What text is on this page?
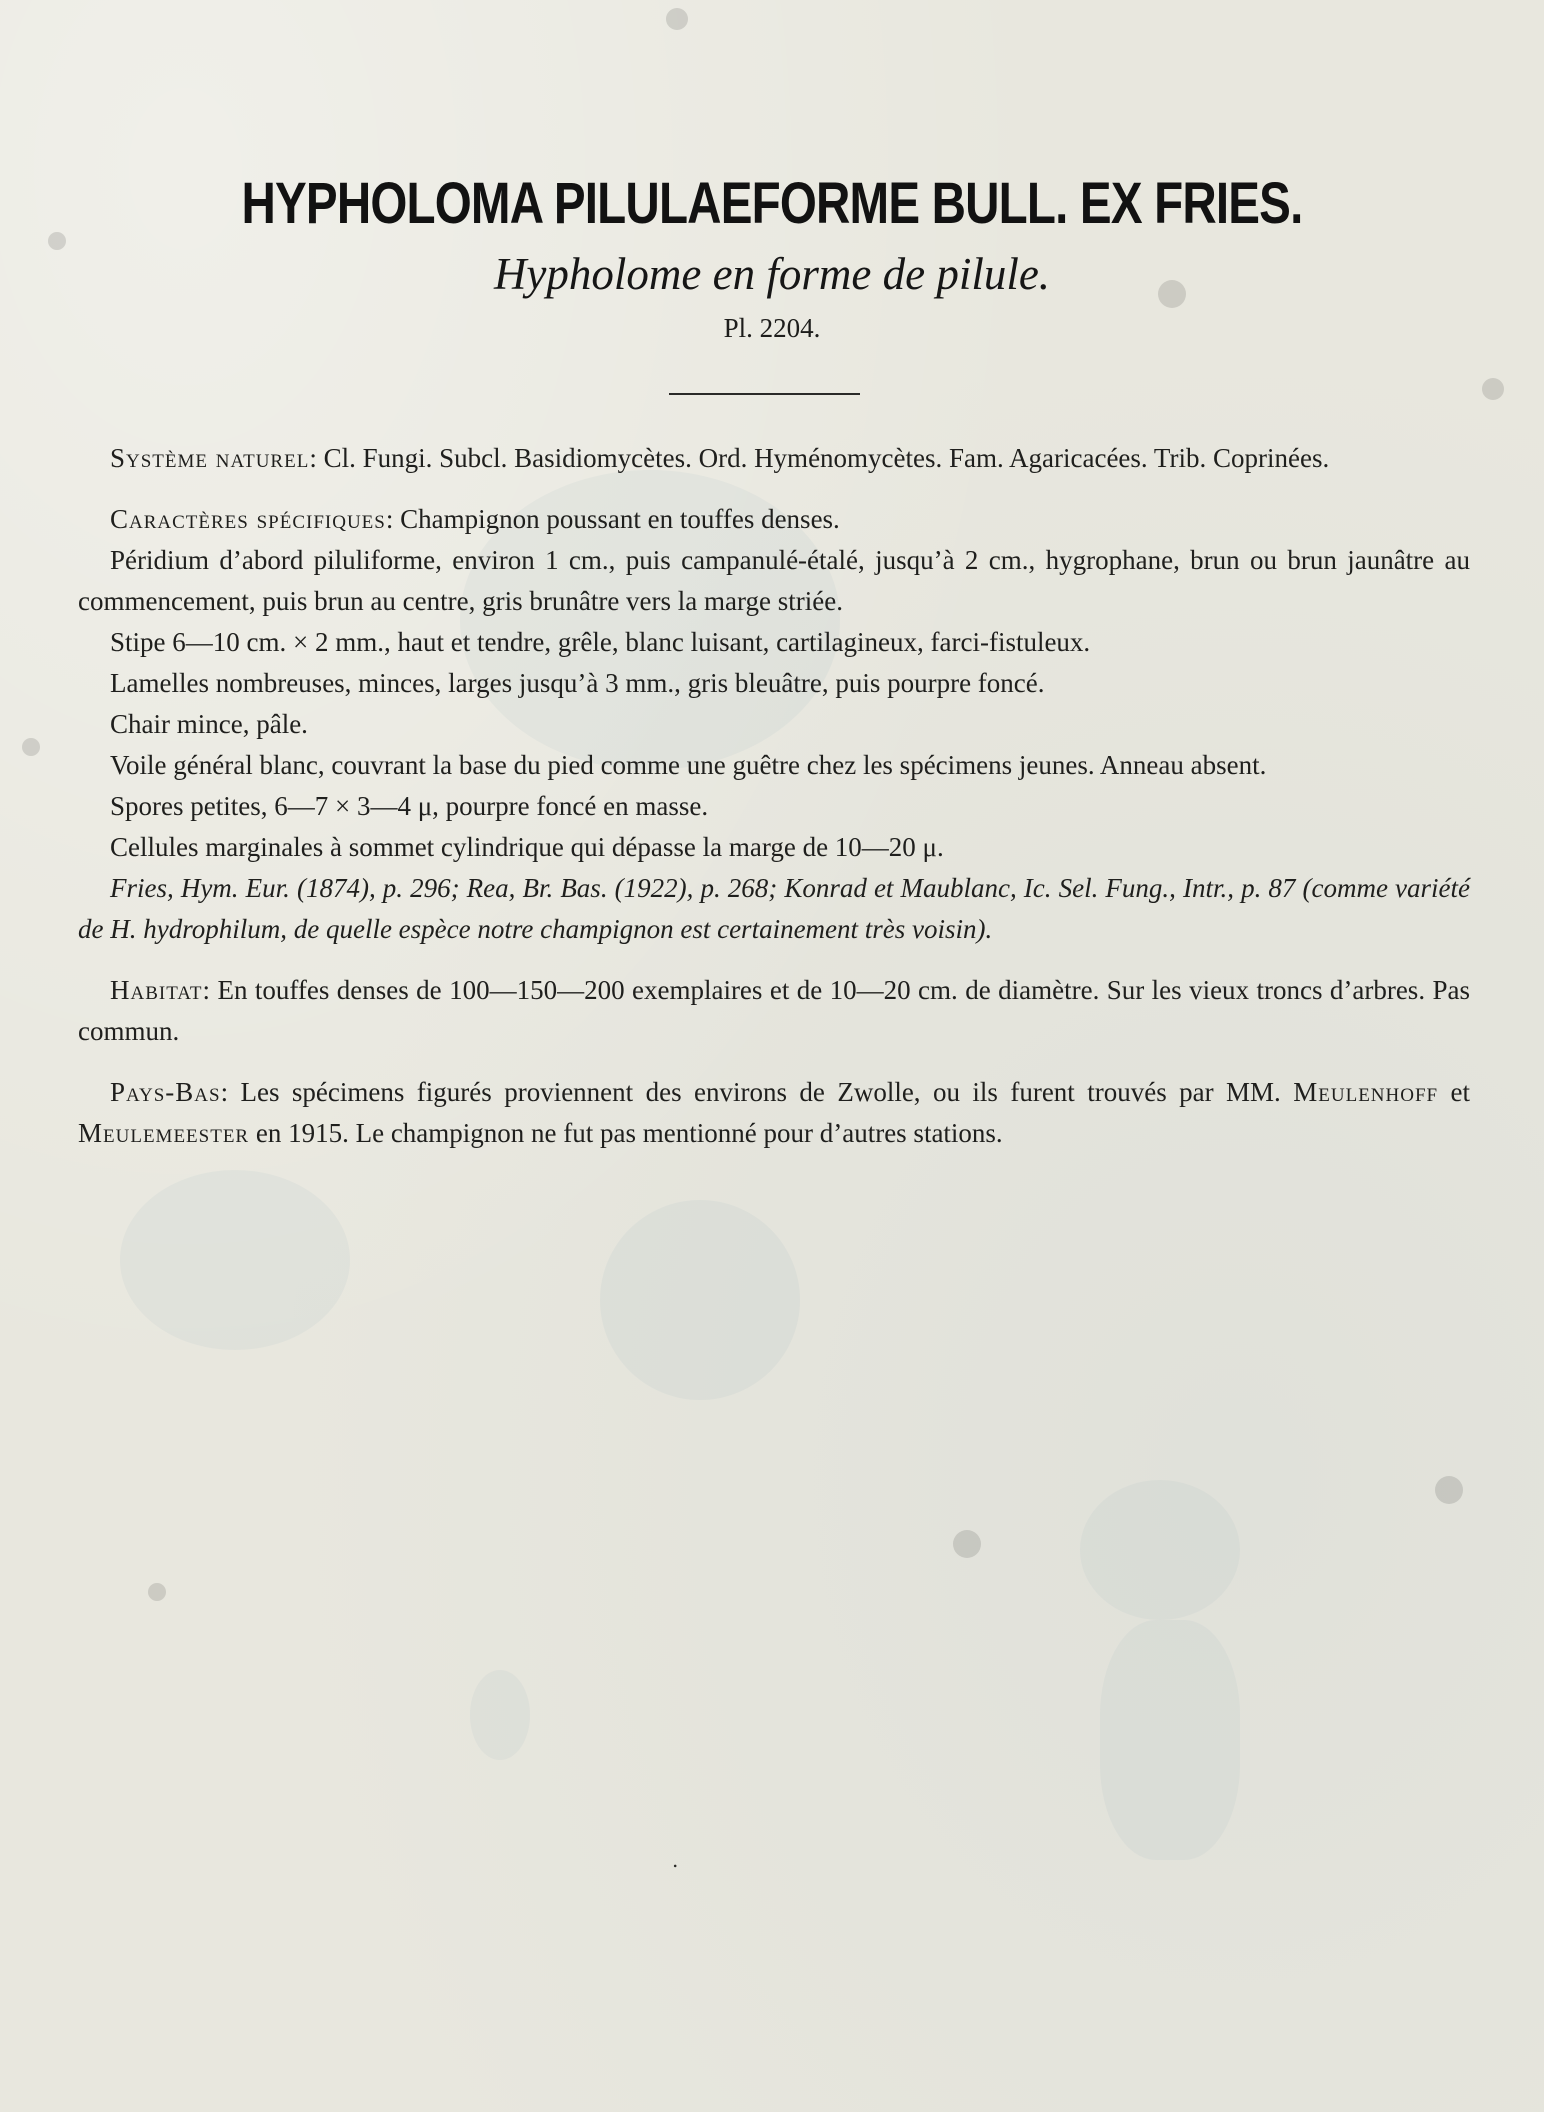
HYPHOLOMA PILULAEFORME BULL. EX FRIES.
Hypholome en forme de pilule.
Pl. 2204.

Système naturel: Cl. Fungi. Subcl. Basidiomycètes. Ord. Hyménomycètes. Fam. Agaricacées. Trib. Coprinées.

Caractères spécifiques: Champignon poussant en touffes denses.

Péridium d’abord piluliforme, environ 1 cm., puis campanulé-étalé, jusqu’à 2 cm., hygrophane, brun ou brun jaunâtre au commencement, puis brun au centre, gris brunâtre vers la marge striée.

Stipe 6—10 cm. × 2 mm., haut et tendre, grêle, blanc luisant, cartilagineux, farci-fistuleux.

Lamelles nombreuses, minces, larges jusqu’à 3 mm., gris bleuâtre, puis pourpre foncé.

Chair mince, pâle.

Voile général blanc, couvrant la base du pied comme une guêtre chez les spécimens jeunes. Anneau absent.

Spores petites, 6—7 × 3—4 μ, pourpre foncé en masse.

Cellules marginales à sommet cylindrique qui dépasse la marge de 10—20 μ.

Fries, Hym. Eur. (1874), p. 296; Rea, Br. Bas. (1922), p. 268; Konrad et Maublanc, Ic. Sel. Fung., Intr., p. 87 (comme variété de H. hydrophilum, de quelle espèce notre champignon est certainement très voisin).

Habitat: En touffes denses de 100—150—200 exemplaires et de 10—20 cm. de diamètre. Sur les vieux troncs d’arbres. Pas commun.

Pays-Bas: Les spécimens figurés proviennent des environs de Zwolle, ou ils furent trouvés par MM. Meulenhoff et Meulemeester en 1915. Le champignon ne fut pas mentionné pour d’autres stations.

.
